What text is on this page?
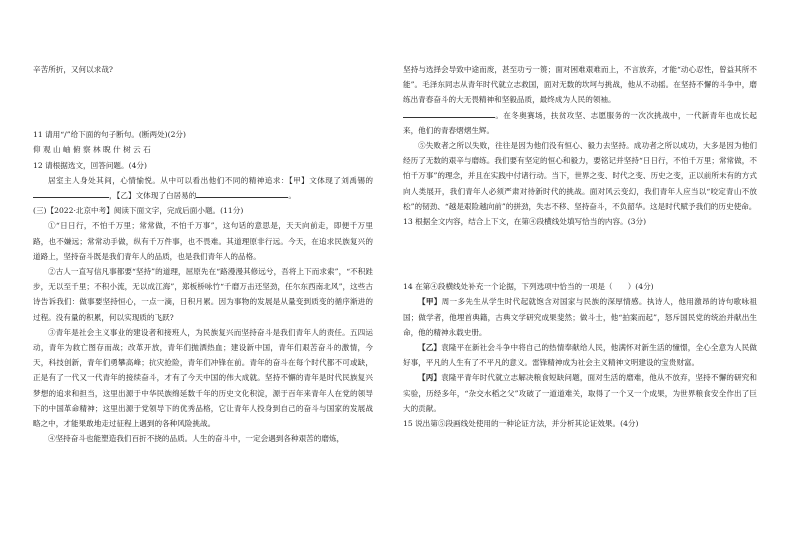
辛苦所折，又何以求哉?

11 请用“/”给下面的句子断句。(断两处)(2分)

仰 观 山 岫 俯 察 林 睨 什 树 云 石

12 请根据选文，回答问题。(4分)

居室主人身处其间，心情愉悦。从中可以看出他们不同的精神追求：【甲】文体现了刘禹锡的，【乙】文体现了白居易的	。

(三)【2022·北京中考】阅读下面文字，完成后面小题。(11分)

①“日日行，不怕千万里；常常做，不怕千万事”，这句话的意思是，天天向前走，即便千万里路，也不嫌远；常常动手做，纵有千万件事，也不畏难。其道理原非行远。今天，在追求民族复兴的道路上，坚持奋斗既是我们青年人的品质，也是我们青年人的品格。

②古人一直写信凡事都要“坚持”的道理，屈原先在“路漫漫其修远兮，吾将上下而求索”，“不积跬步，无以至千里；不积小流，无以成江海”，郑板桥咏竹“千磨万击还坚劲，任尔东西南北风”，这些古诗告诉我们：做事要坚持恒心，一点一滴，日积月累。因为事物的发展是从量变到质变的循序渐进的过程。没有量的积累，何以实现质的飞跃?

③青年是社会主义事业的建设者和接班人，为民族复兴而坚持奋斗是我们青年人的责任。五四运动，青年为救亡图存而战；改革开放，青年们抛洒热血；建设新中国，青年们艰苦奋斗的激情，今天，科技创新，青年们勇攀高峰；抗灾抢险，青年们冲锋在前。青年的奋斗在每个时代都不可或缺，正是有了一代又一代青年的接续奋斗，才有了今天中国的伟大成就。坚持不懈的青年是时代民族复兴梦想的追求和担当，这里出源于中华民族绵延数千年的历史文化积淀，源于百年来青年人在党的领导下的中国革命精神；这里出源于党领导下的优秀品格，它让青年人投身到自己的奋斗与国家的发展战略之中，才能果敢地走过征程上遇到的各种风险挑战。

④坚持奋斗也能塑造我们百折不挠的品质。人生的奋斗中，一定会遇到各种艰苦的磨炼，

坚持与选择会导致中途而废，甚至功亏一篑；面对困难艰难而上，不言放弃，才能“动心忍性，曾益其所不能”。毛泽东同志从青年时代就立志救国，面对无数的坎坷与挑战，他从不动摇。在坚持不懈的斗争中，磨练出青春奋斗的大无畏精神和坚毅品质，最终成为人民的领袖。

。在冬奥赛场，扶贫攻坚、志愿服务的一次次挑战中，一代新青年也成长起来，他们的青春熠熠生辉。

⑤失败者之所以失败，往往是因为他们没有恒心、毅力去坚持。成功者之所以成功，大多是因为他们经历了无数的艰辛与磨练。我们要有坚定的恒心和毅力，要铭记并坚持“日日行，不怕千万里；常常做，不怕千万事”的理念，并且在实践中付诸行动。当下，世界之变、时代之变、历史之变，正以前所未有的方式向人类展开，我们青年人必须严肃对待新时代的挑战。面对风云变幻，我们青年人应当以“咬定青山不放松”的韧劲、“越是艰险越向前”的拼劲，失志不移、坚持奋斗，不负韶华。这是时代赋予我们的历史使命。

13 根据全文内容，结合上下文，在第④段横线处填写恰当的内容。(3分)

14 在第④段横线处补充一个论据，下列选项中恰当的一项是（　　）(4分)

【甲】周一多先生从学生时代起就饱含对国家与民族的深厚情感。执诗人，他用激昂的诗句歌咏祖国；做学者，他埋首典籍，古典文学研究成果斐然；做斗士，他“拍案而起”，怒斥国民党的统治并献出生命，他的精神永载史册。

【乙】袁隆平在新社会斗争中将自己的热情奉献给人民，他满怀对新生活的憧憬，全心全意为人民做好事，平凡的人生有了不平凡的意义。雷锋精神成为社会主义精神文明建设的宝贵财富。

【丙】袁隆平青年时代就立志解决粮食短缺问题，面对生活的磨难，他从不放弃，坚持不懈的研究和实验，历经多年，“杂交水稻之父”攻破了一道道难关，取得了一个又一个成果，为世界粮食安全作出了巨大的贡献。

15 说出第⑤段画线处使用的一种论证方法，并分析其论证效果。(4分)
